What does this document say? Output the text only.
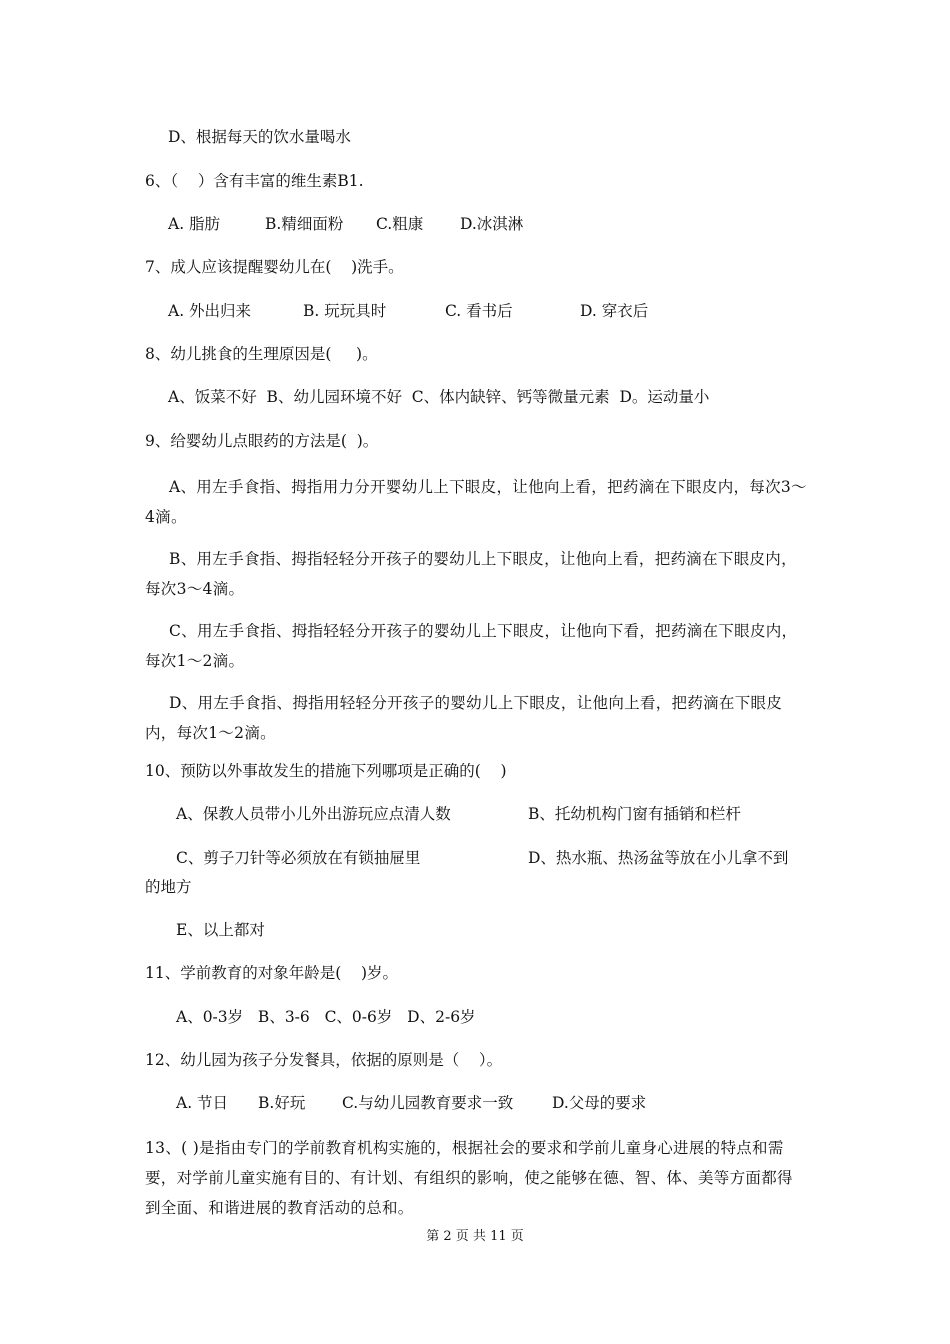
D、根据每天的饮水量喝水
6、（    ）含有丰富的维生素B1.
A. 脂肪	B.精细面粉 C.粗康 D.冰淇淋
7、成人应该提醒婴幼儿在(    )洗手。
A. 外出归来	B. 玩玩具时	C. 看书后	D. 穿衣后
8、幼儿挑食的生理原因是(     )。
A、饭菜不好  B、幼儿园环境不好  C、体内缺锌、钙等微量元素  D。运动量小
9、给婴幼儿点眼药的方法是(  )。
A、用左手食指、拇指用力分开婴幼儿上下眼皮，让他向上看，把药滴在下眼皮内，每次3～4滴。
B、用左手食指、拇指轻轻分开孩子的婴幼儿上下眼皮，让他向上看，把药滴在下眼皮内，每次3～4滴。
C、用左手食指、拇指轻轻分开孩子的婴幼儿上下眼皮，让他向下看，把药滴在下眼皮内，每次1～2滴。
D、用左手食指、拇指用轻轻分开孩子的婴幼儿上下眼皮，让他向上看，把药滴在下眼皮内，每次1～2滴。
10、预防以外事故发生的措施下列哪项是正确的(    )
A、保教人员带小儿外出游玩应点清人数	B、托幼机构门窗有插销和栏杆
C、剪子刀针等必须放在有锁抽屉里	D、热水瓶、热汤盆等放在小儿拿不到
的地方
E、以上都对
11、学前教育的对象年龄是(    )岁。
A、0-3岁   B、3-6   C、0-6岁   D、2-6岁
12、幼儿园为孩子分发餐具，依据的原则是（    ）。
A. 节日 B.好玩 C.与幼儿园教育要求一致	D.父母的要求
13、( )是指由专门的学前教育机构实施的，根据社会的要求和学前儿童身心进展的特点和需要，对学前儿童实施有目的、有计划、有组织的影响，使之能够在德、智、体、美等方面都得到全面、和谐进展的教育活动的总和。
第 2 页 共 11 页
